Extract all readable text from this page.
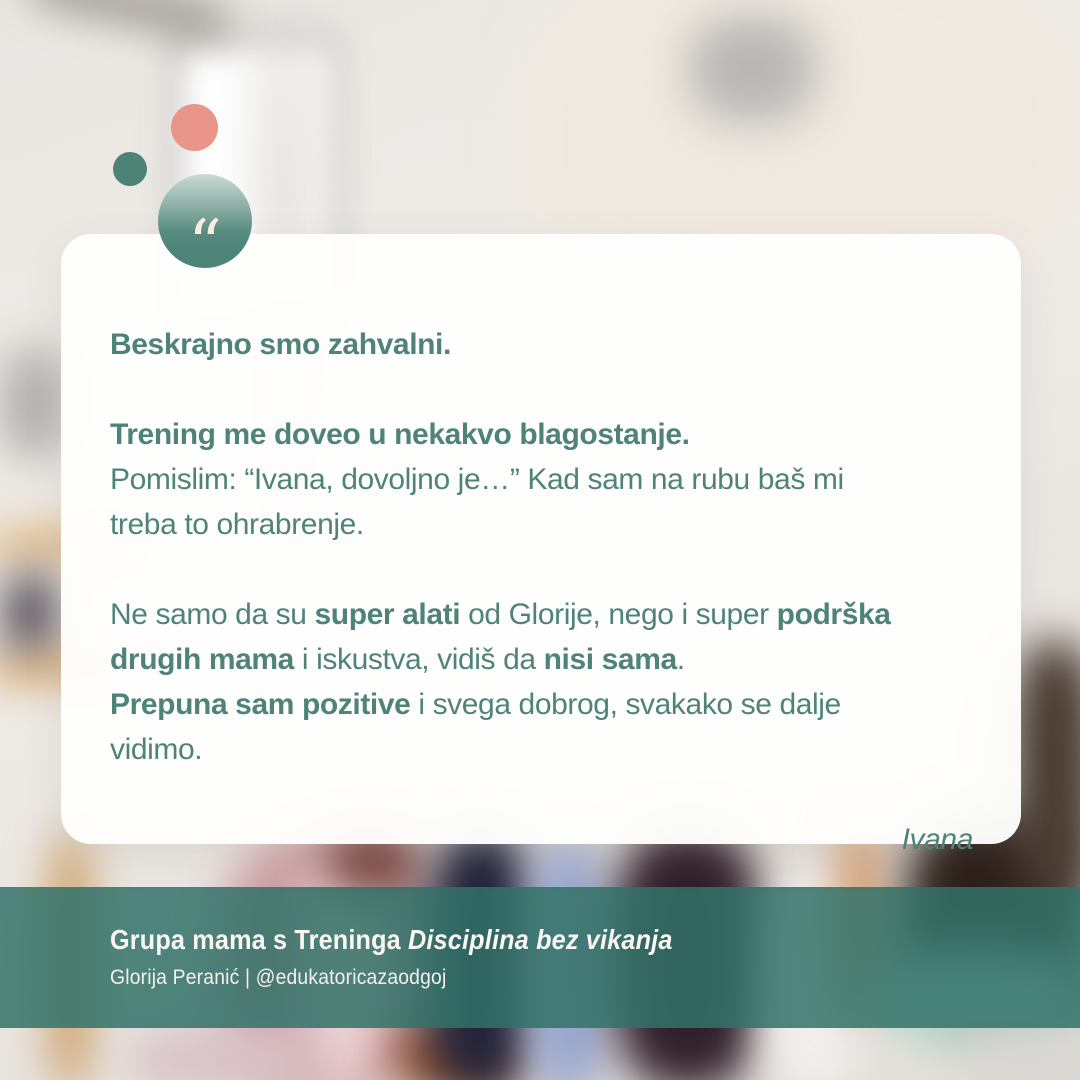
Grupa mama s Treninga Disciplina bez vikanja
Glorija Peranić | @edukatoricazaodgoj

Beskrajno smo zahvalni.

Trening me doveo u nekakvo blagostanje.
Pomislim: “Ivana, dovoljno je…” Kad sam na rubu baš mi
treba to ohrabrenje.

Ne samo da su super alati od Glorije, nego i super podrška
drugih mama i iskustva, vidiš da nisi sama.
Prepuna sam pozitive i svega dobrog, svakako se dalje
vidimo.

Ivana

“
